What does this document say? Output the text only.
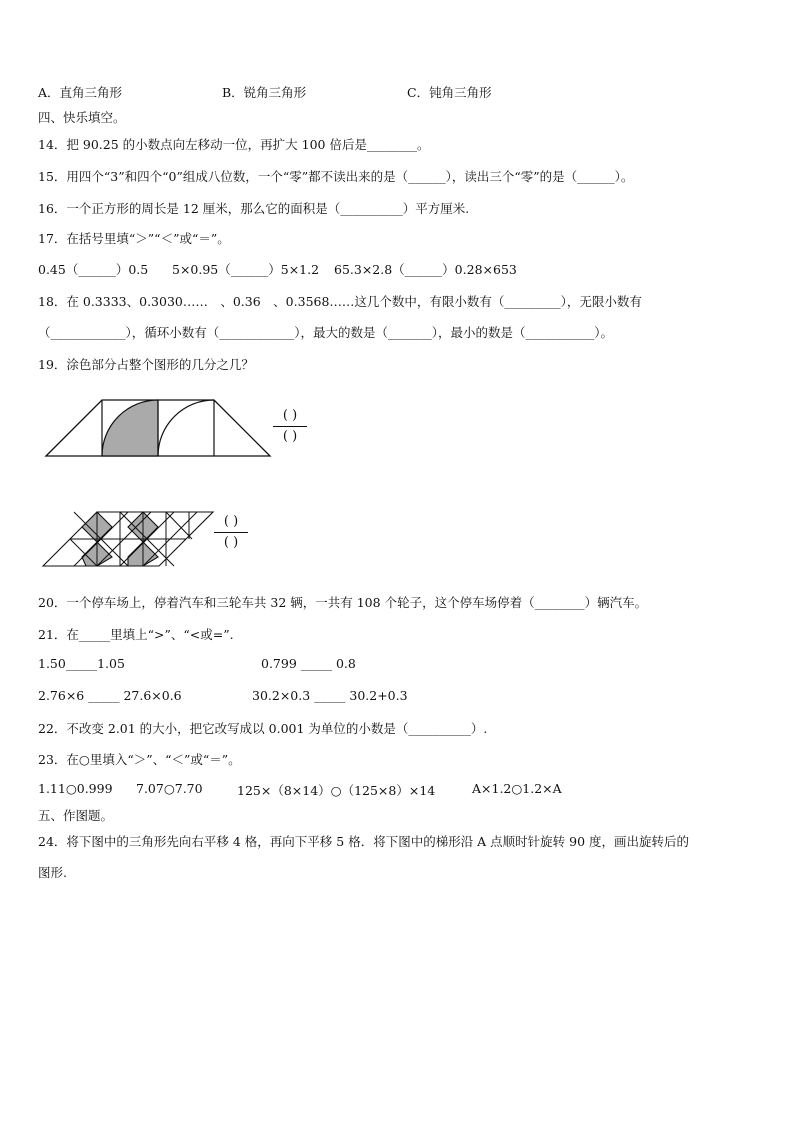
A．直角三角形	B．锐角三角形	C．钝角三角形
四、快乐填空。
14．把 90.25 的小数点向左移动一位，再扩大 100 倍后是________。
15．用四个“3”和四个“0”组成八位数，一个“零”都不读出来的是（______），读出三个“零”的是（______）。
16．一个正方形的周长是 12 厘米，那么它的面积是（__________）平方厘米.
17．在括号里填“＞”“＜”或“＝”。
0.45（______）0.5 5×0.95（______）5×1.2 65.3×2.8（______）0.28×653
18．在 0.3333、0.3030……　、0.36　、0.3568……这几个数中，有限小数有（_________），无限小数有
（____________），循环小数有（____________），最大的数是（_______），最小的数是（___________）。
19．涂色部分占整个图形的几分之几？
( )
( )
( )
( )
20．一个停车场上，停着汽车和三轮车共 32 辆，一共有 108 个轮子，这个停车场停着（________）辆汽车。
21．在_____里填上“>”、“<或=”.
1.50_____1.05	0.799 _____ 0.8
2.76×6 _____ 27.6×0.6	30.2×0.3 _____ 30.2+0.3
22．不改变 2.01 的大小，把它改写成以 0.001 为单位的小数是（__________）.
23．在○里填入“＞”、“＜”或“＝”。
1.11○0.999 7.07○7.70	125×（8×14）○（125×8）×14	A×1.2○1.2×A
五、作图题。
24．将下图中的三角形先向右平移 4 格，再向下平移 5 格．将下图中的梯形沿 A 点顺时针旋转 90 度，画出旋转后的
图形.
